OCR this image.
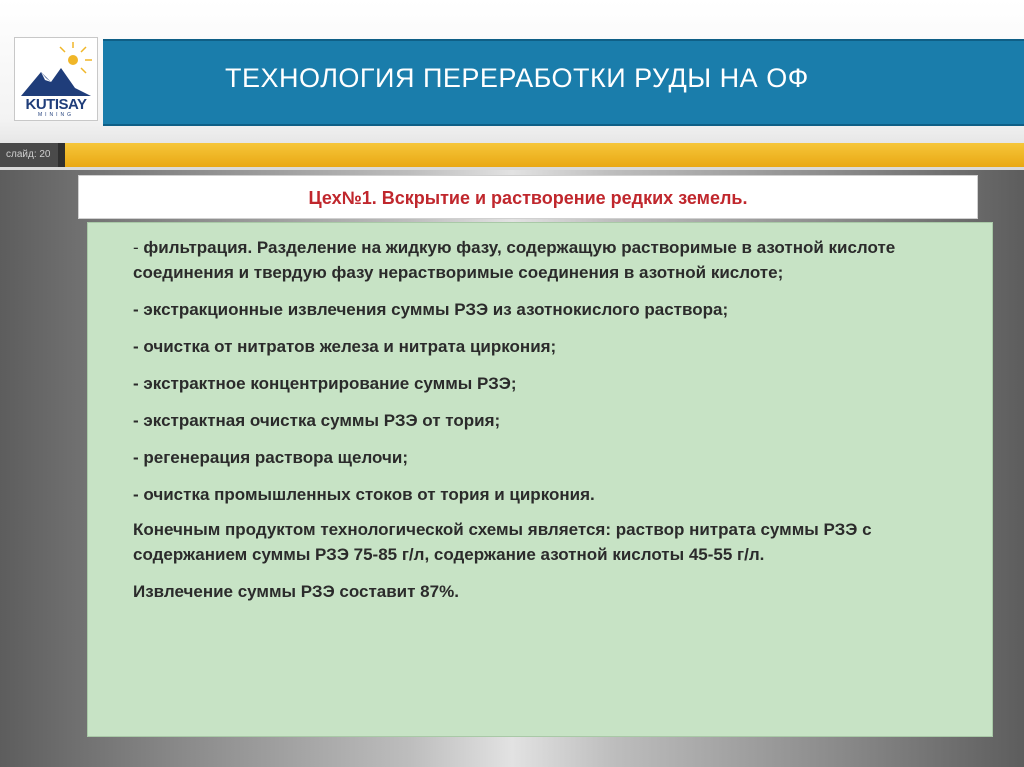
KUTISAY
MINING
ТЕХНОЛОГИЯ ПЕРЕРАБОТКИ РУДЫ НА ОФ
слайд: 20
Цех№1. Вскрытие и растворение редких земель.
- фильтрация. Разделение на жидкую фазу, содержащую растворимые в азотной кислоте соединения и твердую фазу нерастворимые соединения в азотной кислоте;
- экстракционные извлечения суммы РЗЭ из азотнокислого раствора;
- очистка от нитратов железа и нитрата циркония;
- экстрактное концентрирование суммы РЗЭ;
- экстрактная очистка суммы РЗЭ от тория;
- регенерация раствора щелочи;
- очистка промышленных стоков от тория и циркония.
Конечным продуктом технологической схемы является: раствор нитрата суммы РЗЭ с содержанием суммы РЗЭ 75-85 г/л, содержание азотной кислоты 45-55 г/л.
Извлечение суммы РЗЭ составит 87%.
